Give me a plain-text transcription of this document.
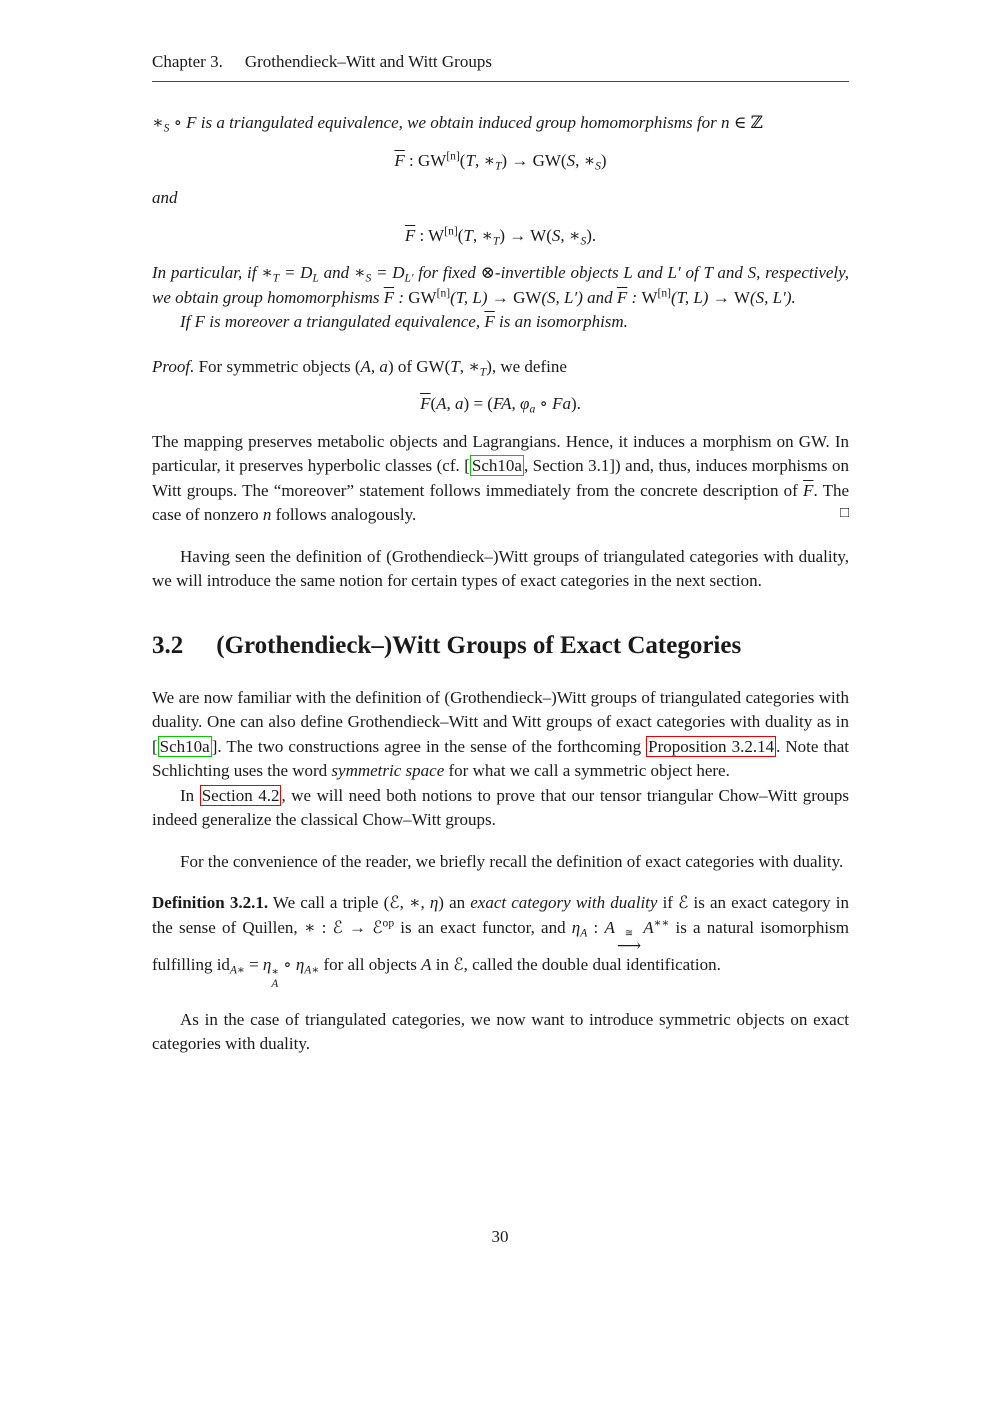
Chapter 3. Grothendieck–Witt and Witt Groups

$∗_S$ ∘ F is a triangulated equivalence, we obtain induced group homomorphisms for n ∈ ℤ

$\overline{F}$ : GW[n](T, $∗_T) \to GW(S$, $∗_S$)

and

$\overline{F}$ : W[n](T, $∗_T) \to W(S$, $∗_S$).

In particular, if $∗_T = D_L$ and $∗_S = D_{L'}$ for fixed ⊗-invertible objects L and L′ of T and S, respectively, we obtain group homomorphisms $\overline{F}$ : GW[n](T, L) → GW(S, L′) and $\overline{F}$ : W[n](T, L) → W(S, L′).

If F is moreover a triangulated equivalence, $\overline{F}$ is an isomorphism.

Proof. For symmetric objects (A, a) of GW(T, $∗_T$), we define

$\overline{F}(A$, a) = (FA, $\varphi_a$ ∘ Fa).

The mapping preserves metabolic objects and Lagrangians. Hence, it induces a morphism on GW. In particular, it preserves hyperbolic classes (cf. [ Sch10a , Section 3.1]) and, thus, induces morphisms on Witt groups. The “moreover” statement follows immediately from the concrete description of $\overline{F}$. The case of nonzero n follows analogously.	□

Having seen the definition of (Grothendieck–)Witt groups of triangulated categories with duality, we will introduce the same notion for certain types of exact categories in the next section.

3.2 (Grothendieck–)Witt Groups of Exact Categories

We are now familiar with the definition of (Grothendieck–)Witt groups of triangulated categories with duality. One can also define Grothendieck–Witt and Witt groups of exact categories with duality as in [ Sch10a ]. The two constructions agree in the sense of the forthcoming Proposition 3.2.14 . Note that Schlichting uses the word symmetric space for what we call a symmetric object here.

In Section 4.2 , we will need both notions to prove that our tensor triangular Chow–Witt groups indeed generalize the classical Chow–Witt groups.

For the convenience of the reader, we briefly recall the definition of exact categories with duality.

Definition 3.2.1. We call a triple (ℰ, ∗, η) an exact category with duality if ℰ is an exact category in the sense of Quillen, ∗ : ℰ → ℰ$^{op}$ is an exact functor, and $\eta_A$ : A ≅
⟶
A∗∗ is a natural isomorphism fulfilling $id_{A∗} = \eta$ ∗
A
∘ $\eta_{A∗}$ for all objects A in ℰ, called the double dual identification.

As in the case of triangulated categories, we now want to introduce symmetric objects on exact categories with duality.

30
